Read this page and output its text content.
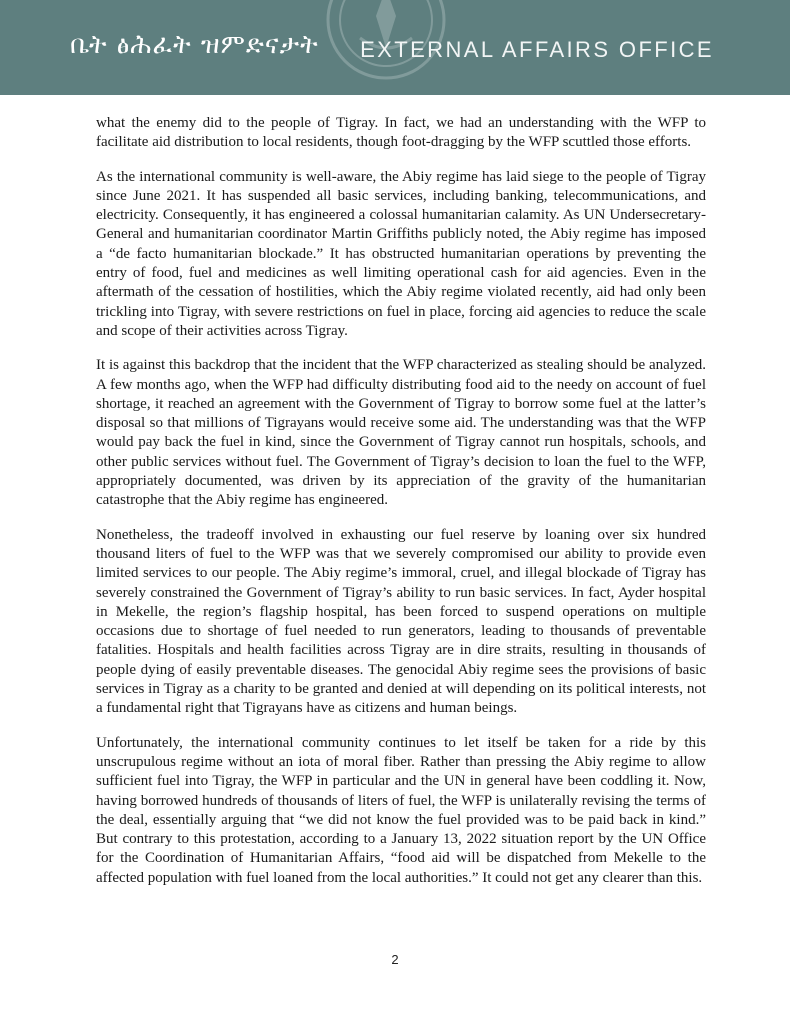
ቤት ፅሕፈት ዝምድናታት EXTERNAL AFFAIRS OFFICE

what the enemy did to the people of Tigray. In fact, we had an understanding with the WFP to facilitate aid distribution to local residents, though foot-dragging by the WFP scuttled those efforts.

As the international community is well-aware, the Abiy regime has laid siege to the people of Tigray since June 2021. It has suspended all basic services, including banking, telecommunications, and electricity. Consequently, it has engineered a colossal humanitarian calamity. As UN Undersecretary-General and humanitarian coordinator Martin Griffiths publicly noted, the Abiy regime has imposed a “de facto humanitarian blockade.” It has obstructed humanitarian operations by preventing the entry of food, fuel and medicines as well limiting operational cash for aid agencies. Even in the aftermath of the cessation of hostilities, which the Abiy regime violated recently, aid had only been trickling into Tigray, with severe restrictions on fuel in place, forcing aid agencies to reduce the scale and scope of their activities across Tigray.

It is against this backdrop that the incident that the WFP characterized as stealing should be analyzed. A few months ago, when the WFP had difficulty distributing food aid to the needy on account of fuel shortage, it reached an agreement with the Government of Tigray to borrow some fuel at the latter’s disposal so that millions of Tigrayans would receive some aid. The understanding was that the WFP would pay back the fuel in kind, since the Government of Tigray cannot run hospitals, schools, and other public services without fuel. The Government of Tigray’s decision to loan the fuel to the WFP, appropriately documented, was driven by its appreciation of the gravity of the humanitarian catastrophe that the Abiy regime has engineered.

Nonetheless, the tradeoff involved in exhausting our fuel reserve by loaning over six hundred thousand liters of fuel to the WFP was that we severely compromised our ability to provide even limited services to our people. The Abiy regime’s immoral, cruel, and illegal blockade of Tigray has severely constrained the Government of Tigray’s ability to run basic services. In fact, Ayder hospital in Mekelle, the region’s flagship hospital, has been forced to suspend operations on multiple occasions due to shortage of fuel needed to run generators, leading to thousands of preventable fatalities. Hospitals and health facilities across Tigray are in dire straits, resulting in thousands of people dying of easily preventable diseases. The genocidal Abiy regime sees the provisions of basic services in Tigray as a charity to be granted and denied at will depending on its political interests, not a fundamental right that Tigrayans have as citizens and human beings.

Unfortunately, the international community continues to let itself be taken for a ride by this unscrupulous regime without an iota of moral fiber. Rather than pressing the Abiy regime to allow sufficient fuel into Tigray, the WFP in particular and the UN in general have been coddling it. Now, having borrowed hundreds of thousands of liters of fuel, the WFP is unilaterally revising the terms of the deal, essentially arguing that “we did not know the fuel provided was to be paid back in kind.” But contrary to this protestation, according to a January 13, 2022 situation report by the UN Office for the Coordination of Humanitarian Affairs, “food aid will be dispatched from Mekelle to the affected population with fuel loaned from the local authorities.” It could not get any clearer than this.

2
